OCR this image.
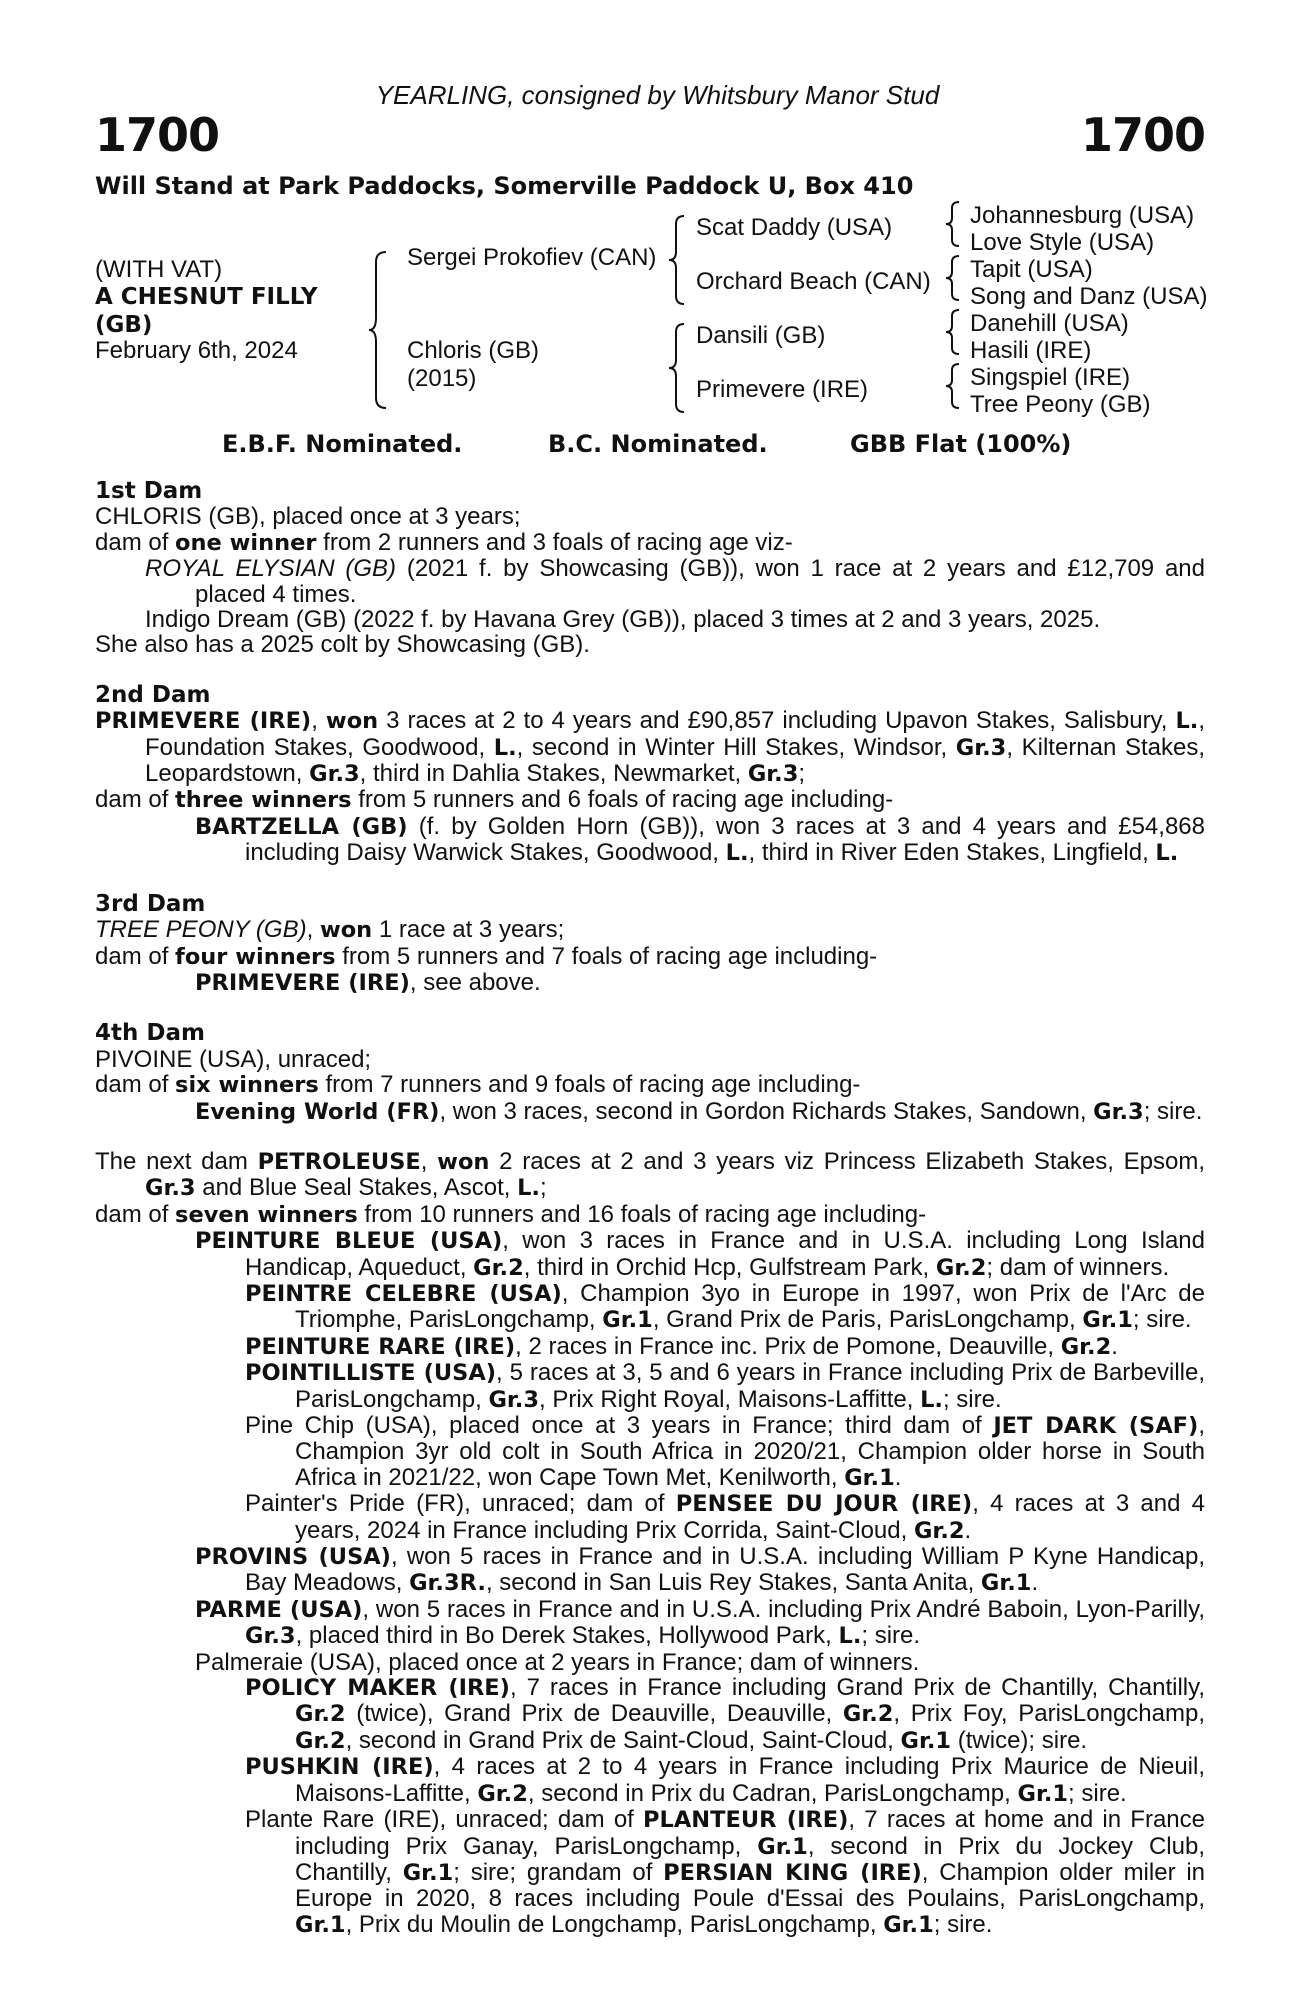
1700
YEARLING, consigned by Whitsbury Manor Stud
1700
Will Stand at Park Paddocks, Somerville Paddock U, Box 410
(WITH VAT)
A CHESNUT FILLY
(GB)
February 6th, 2024
Sergei Prokofiev (CAN)
Chloris (GB)
(2015)
Scat Daddy (USA)
Orchard Beach (CAN)
Dansili (GB)
Primevere (IRE)
Johannesburg (USA)
Love Style (USA)
Tapit (USA)
Song and Danz (USA)
Danehill (USA)
Hasili (IRE)
Singspiel (IRE)
Tree Peony (GB)
E.B.F. Nominated.	B.C. Nominated.	GBB Flat (100%)

1st Dam

CHLORIS (GB), placed once at 3 years;

dam of one winner from 2 runners and 3 foals of racing age viz-

ROYAL ELYSIAN (GB) (2021 f. by Showcasing (GB)), won 1 race at 2 years and £12,709 and placed 4 times.

Indigo Dream (GB) (2022 f. by Havana Grey (GB)), placed 3 times at 2 and 3 years, 2025.

She also has a 2025 colt by Showcasing (GB).

2nd Dam

PRIMEVERE (IRE), won 3 races at 2 to 4 years and £90,857 including Upavon Stakes, Salisbury, L., Foundation Stakes, Goodwood, L., second in Winter Hill Stakes, Windsor, Gr.3, Kilternan Stakes, Leopardstown, Gr.3, third in Dahlia Stakes, Newmarket, Gr.3;

dam of three winners from 5 runners and 6 foals of racing age including-

BARTZELLA (GB) (f. by Golden Horn (GB)), won 3 races at 3 and 4 years and £54,868 including Daisy Warwick Stakes, Goodwood, L., third in River Eden Stakes, Lingfield, L.

3rd Dam

TREE PEONY (GB), won 1 race at 3 years;

dam of four winners from 5 runners and 7 foals of racing age including-

PRIMEVERE (IRE), see above.

4th Dam

PIVOINE (USA), unraced;

dam of six winners from 7 runners and 9 foals of racing age including-

Evening World (FR), won 3 races, second in Gordon Richards Stakes, Sandown, Gr.3; sire.

The next dam PETROLEUSE, won 2 races at 2 and 3 years viz Princess Elizabeth Stakes, Epsom, Gr.3 and Blue Seal Stakes, Ascot, L.;

dam of seven winners from 10 runners and 16 foals of racing age including-

PEINTURE BLEUE (USA), won 3 races in France and in U.S.A. including Long Island Handicap, Aqueduct, Gr.2, third in Orchid Hcp, Gulfstream Park, Gr.2; dam of winners.

PEINTRE CELEBRE (USA), Champion 3yo in Europe in 1997, won Prix de l'Arc de Triomphe, ParisLongchamp, Gr.1, Grand Prix de Paris, ParisLongchamp, Gr.1; sire.

PEINTURE RARE (IRE), 2 races in France inc. Prix de Pomone, Deauville, Gr.2.

POINTILLISTE (USA), 5 races at 3, 5 and 6 years in France including Prix de Barbeville, ParisLongchamp, Gr.3, Prix Right Royal, Maisons-Laffitte, L.; sire.

Pine Chip (USA), placed once at 3 years in France; third dam of JET DARK (SAF), Champion 3yr old colt in South Africa in 2020/21, Champion older horse in South Africa in 2021/22, won Cape Town Met, Kenilworth, Gr.1.

Painter's Pride (FR), unraced; dam of PENSEE DU JOUR (IRE), 4 races at 3 and 4 years, 2024 in France including Prix Corrida, Saint-Cloud, Gr.2.

PROVINS (USA), won 5 races in France and in U.S.A. including William P Kyne Handicap, Bay Meadows, Gr.3R., second in San Luis Rey Stakes, Santa Anita, Gr.1.

PARME (USA), won 5 races in France and in U.S.A. including Prix André Baboin, Lyon-Parilly, Gr.3, placed third in Bo Derek Stakes, Hollywood Park, L.; sire.

Palmeraie (USA), placed once at 2 years in France; dam of winners.

POLICY MAKER (IRE), 7 races in France including Grand Prix de Chantilly, Chantilly, Gr.2 (twice), Grand Prix de Deauville, Deauville, Gr.2, Prix Foy, ParisLongchamp, Gr.2, second in Grand Prix de Saint-Cloud, Saint-Cloud, Gr.1 (twice); sire.

PUSHKIN (IRE), 4 races at 2 to 4 years in France including Prix Maurice de Nieuil, Maisons-Laffitte, Gr.2, second in Prix du Cadran, ParisLongchamp, Gr.1; sire.

Plante Rare (IRE), unraced; dam of PLANTEUR (IRE), 7 races at home and in France including Prix Ganay, ParisLongchamp, Gr.1, second in Prix du Jockey Club, Chantilly, Gr.1; sire; grandam of PERSIAN KING (IRE), Champion older miler in Europe in 2020, 8 races including Poule d'Essai des Poulains, ParisLongchamp, Gr.1, Prix du Moulin de Longchamp, ParisLongchamp, Gr.1; sire.
